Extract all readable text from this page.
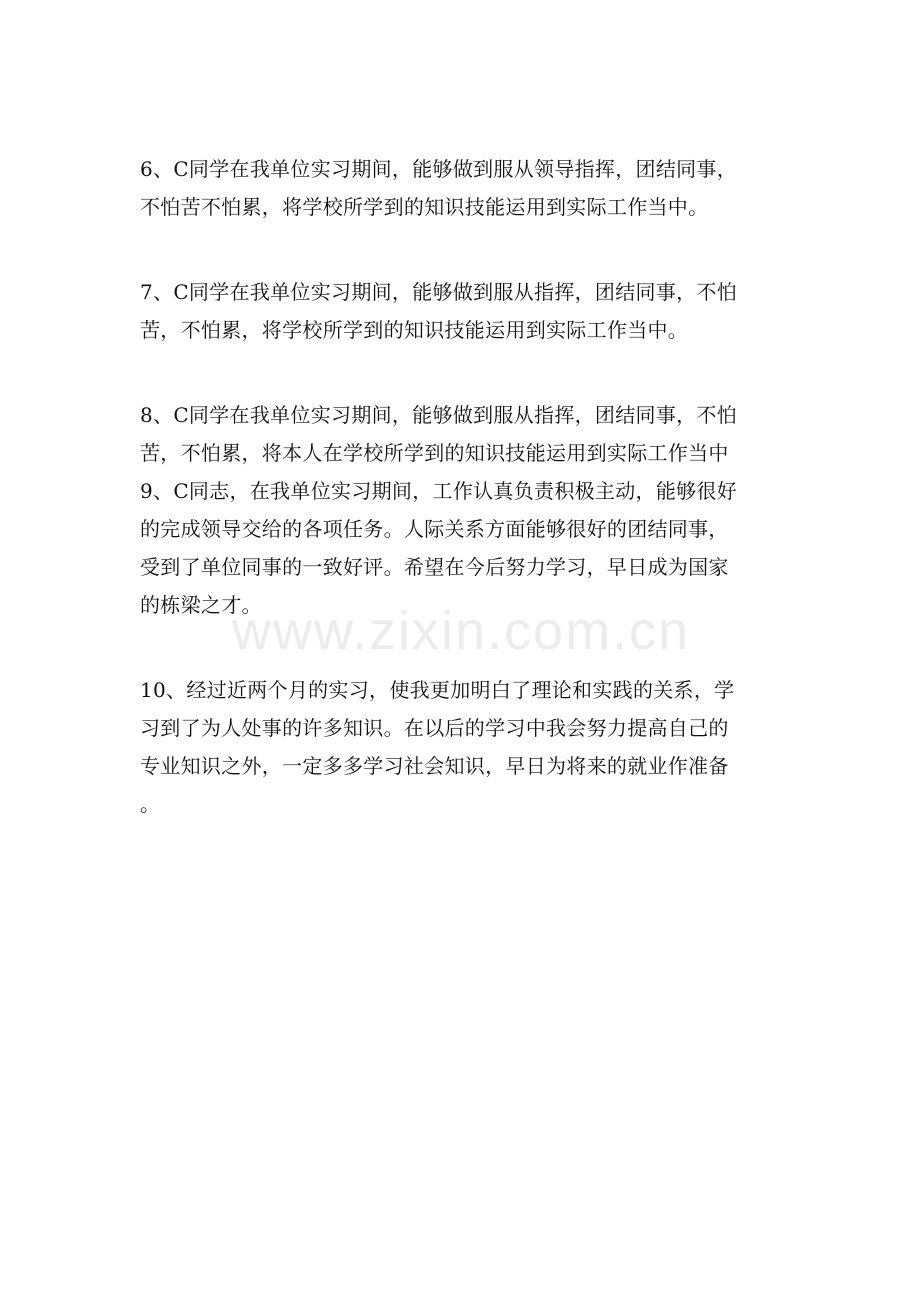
6、C同学在我单位实习期间，能够做到服从领导指挥，团结同事，
不怕苦不怕累，将学校所学到的知识技能运用到实际工作当中。

7、C同学在我单位实习期间，能够做到服从指挥，团结同事，不怕
苦，不怕累，将学校所学到的知识技能运用到实际工作当中。

8、C同学在我单位实习期间，能够做到服从指挥，团结同事，不怕
苦，不怕累，将本人在学校所学到的知识技能运用到实际工作当中
9、C同志，在我单位实习期间，工作认真负责积极主动，能够很好
的完成领导交给的各项任务。人际关系方面能够很好的团结同事，
受到了单位同事的一致好评。希望在今后努力学习，早日成为国家
的栋梁之才。

10、经过近两个月的实习，使我更加明白了理论和实践的关系，学
习到了为人处事的许多知识。在以后的学习中我会努力提高自己的
专业知识之外，一定多多学习社会知识，早日为将来的就业作准备
。

www.zixin.com.cn
